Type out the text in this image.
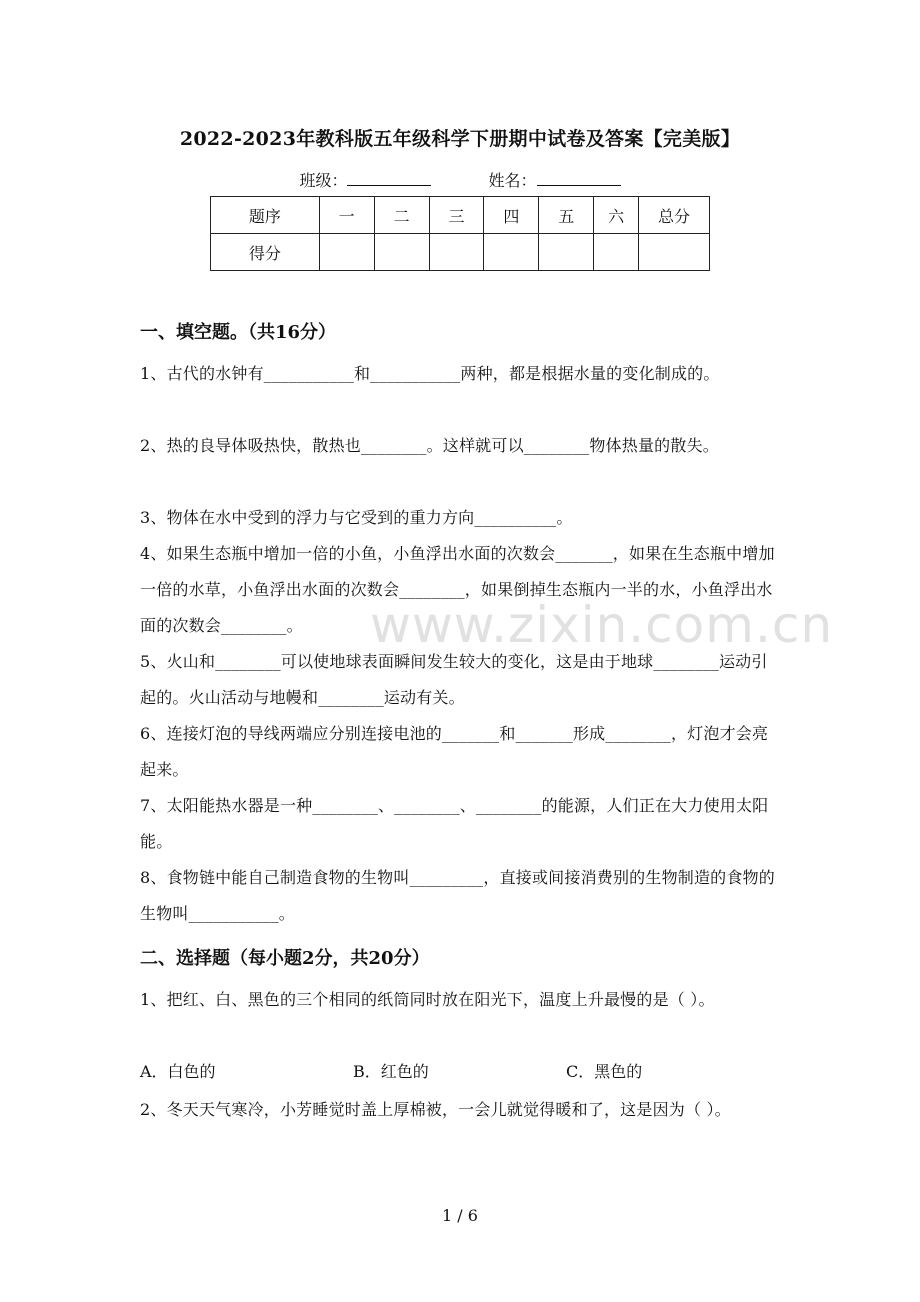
2022-2023年教科版五年级科学下册期中试卷及答案【完美版】
班级：	姓名：
题序	一	二	三	四	五	六	总分
得分							
一、填空题。（共16分）
1、古代的水钟有___________和___________两种，都是根据水量的变化制成的。
2、热的良导体吸热快，散热也________。这样就可以________物体热量的散失。
3、物体在水中受到的浮力与它受到的重力方向__________。
4、如果生态瓶中增加一倍的小鱼，小鱼浮出水面的次数会_______，如果在生态瓶中增加一倍的水草，小鱼浮出水面的次数会________，如果倒掉生态瓶内一半的水，小鱼浮出水面的次数会________。
5、火山和________可以使地球表面瞬间发生较大的变化，这是由于地球________运动引起的。火山活动与地幔和________运动有关。
6、连接灯泡的导线两端应分别连接电池的_______和_______形成________，灯泡才会亮起来。
7、太阳能热水器是一种________、________、________的能源，人们正在大力使用太阳能。
8、食物链中能自己制造食物的生物叫_________，直接或间接消费别的生物制造的食物的生物叫___________。
二、选择题（每小题2分，共20分）
1、把红、白、黑色的三个相同的纸筒同时放在阳光下，温度上升最慢的是（ ）。
A．白色的	B．红色的	C．黑色的
2、冬天天气寒冷，小芳睡觉时盖上厚棉被，一会儿就觉得暖和了，这是因为（ ）。
www.zixin.com.cn
1 / 6
